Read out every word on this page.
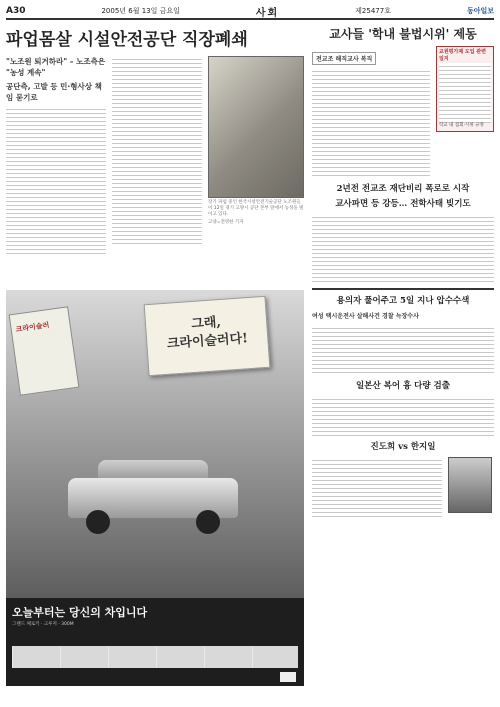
A30	2005년 6월 13일 금요일	사회	제25477호	동아일보
파업몸살 시설안전공단 직장폐쇄
"노조원 퇴거하라" – 노조측은 "농성 계속"
공단측, 고발 등 민·형사상 책임 묻기로
장기 파업 중인 한국시설안전기술공단 노조원들이 12일 경기 고양시 공단 본부 앞에서 농성을 벌이고 있다.
고양=전영한 기자
크라이슬러	그래,
크라이슬러다!
오늘부터는 당신의 차입니다
그랜드 체로키 · 크루저 · 300M
교사들 '학내 불법시위' 제동
전교조 해직교사 복직
교원평가제 도입 관련 일지
학교 내 집회·시위 규정
2년전 전교조 재단비리 폭로로 시작
교사파면 등 강등… 전학사태 빚기도
용의자 풀어주고 5일 지나 압수수색
여성 택시운전사 살해사건 경찰 늑장수사
일본산 복어 흉 다량 검출
진도희 vs 한지일
